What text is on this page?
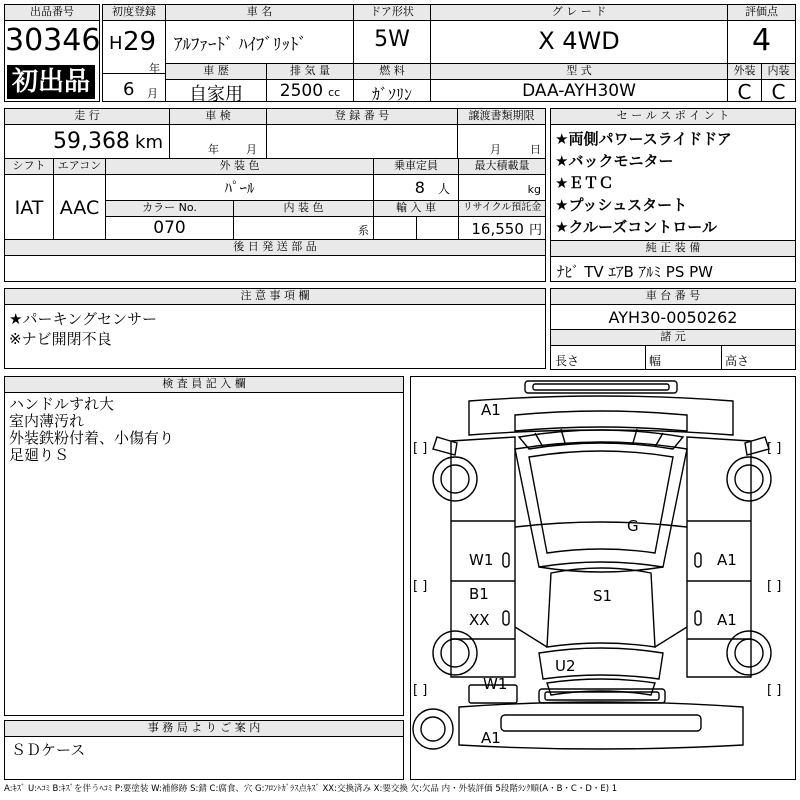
出品番号
30346
初出品
初度登録
H 29
年
6 月
車 名
ｱﾙﾌｧｰﾄﾞ ﾊｲﾌﾞﾘｯﾄﾞ
ドア形状
5W
グ レ ー ド
X 4WD
評価点
4
車 歴
自家用
排 気 量
2500 cc
燃 料
ｶﾞｿﾘﾝ
型 式
DAA-AYH30W
外装
C
内装
C
走 行
59,368 km
車 検
年 月
登 録 番 号	譲渡書類期限
月	日
シフト
IAT
エアコン
AAC
外 装 色
ﾊﾟｰﾙ
乗車定員
8 人
最大積載量
kg
カラー No.
070
内 装 色
系
輸 入 車	リサイクル預託金
16,550 円
後 日 発 送 部 品
セ ー ル ス ポ イ ン ト
★両側パワースライドドア
★バックモニター
★ＥＴＣ
★プッシュスタート
★クルーズコントロール
純 正 装 備
ﾅﾋﾞ TV ｴｱB ｱﾙﾐ PS PW
注 意 事 項 欄
★パーキングセンサー
※ナビ開閉不良
車 台 番 号
AYH30-0050262
諸 元
長さ	幅	高さ
検 査 員 記 入 欄
ハンドルすれ大
室内薄汚れ
外装鉄粉付着、小傷有り
足廻りＳ
事 務 局 よ り ご 案 内
ＳＤケース
[ ]	[ ]
[ ]	[ ]
[ ]	[ ]
A1
G
W1	A1
B1
XX
S1
A1
U2
W1
A1
A:ｷｽﾞ U:ﾍｺﾐ B:ｷｽﾞを伴うﾍｺﾐ P:要塗装 W:補修跡 S:錆 C:腐食、穴 G:ﾌﾛﾝﾄｶﾞﾗｽ点ｷｽﾞ XX:交換済み X:要交換 欠:欠品 内・外装評価 5段階ﾗﾝｸ順(A・B・C・D・E) 1
